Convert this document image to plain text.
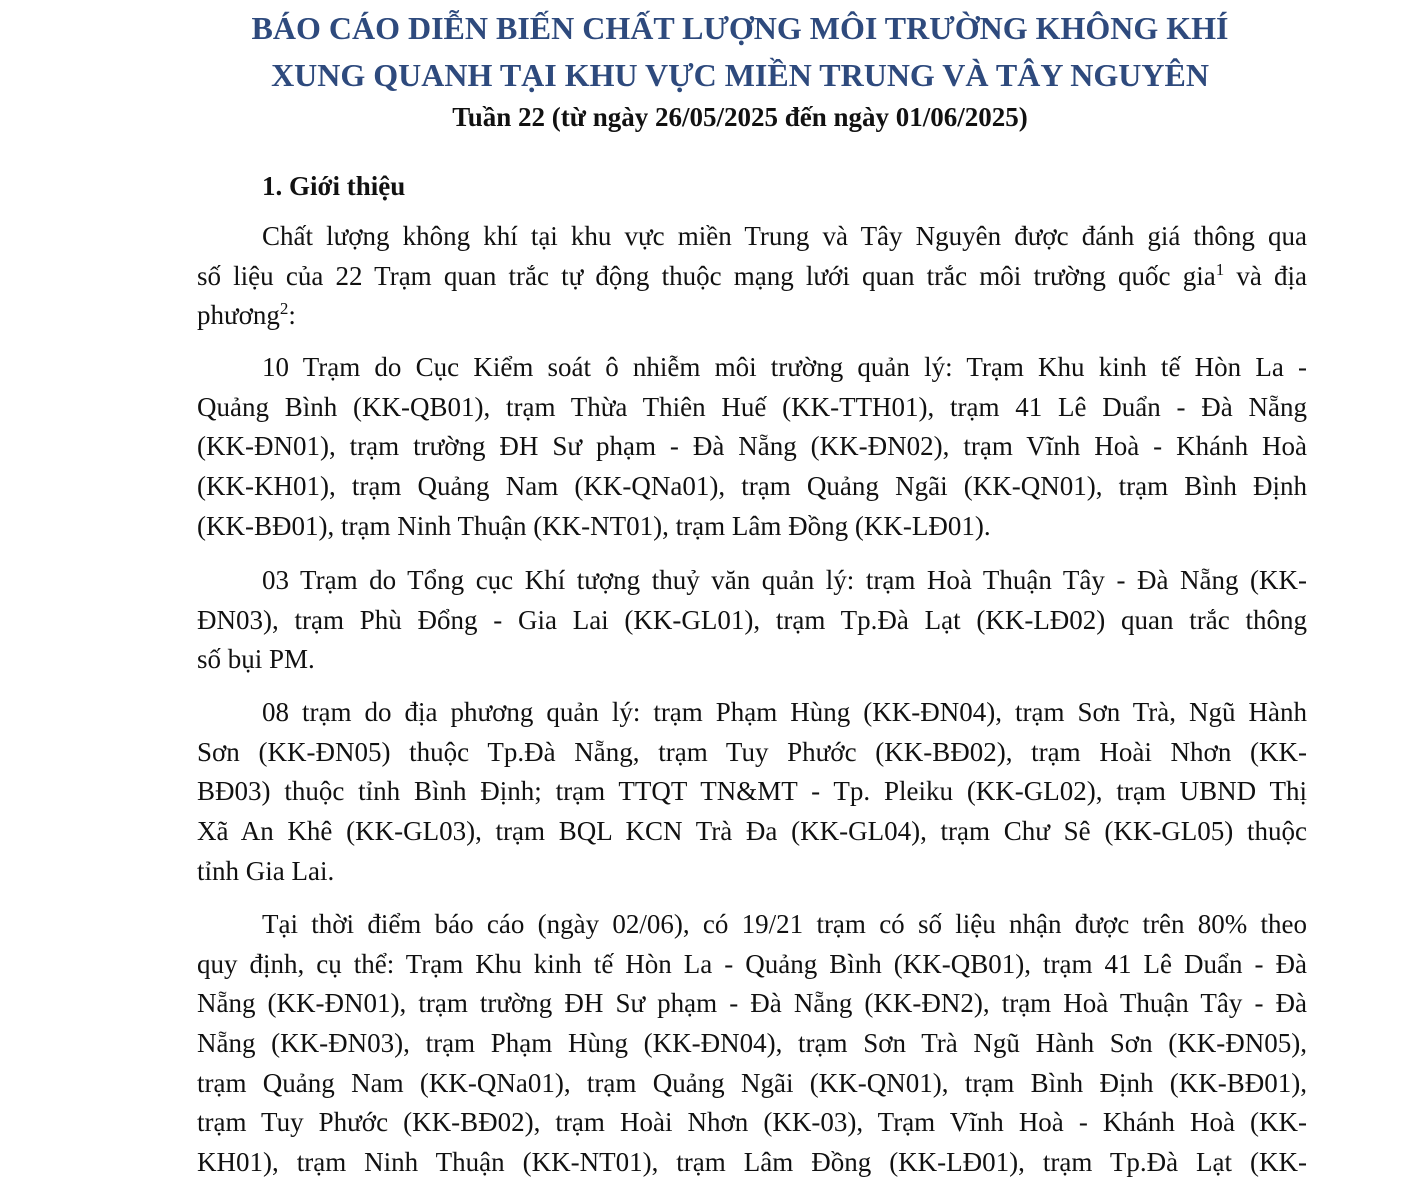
BÁO CÁO DIỄN BIẾN CHẤT LƯỢNG MÔI TRƯỜNG KHÔNG KHÍ
XUNG QUANH TẠI KHU VỰC MIỀN TRUNG VÀ TÂY NGUYÊN
Tuần 22 (từ ngày 26/05/2025 đến ngày 01/06/2025)
1. Giới thiệu
Chất lượng không khí tại khu vực miền Trung và Tây Nguyên được đánh giá thông qua
số liệu của 22 Trạm quan trắc tự động thuộc mạng lưới quan trắc môi trường quốc gia$^1$ và địa
phương$^2$:
10 Trạm do Cục Kiểm soát ô nhiễm môi trường quản lý: Trạm Khu kinh tế Hòn La -
Quảng Bình (KK-QB01), trạm Thừa Thiên Huế (KK-TTH01), trạm 41 Lê Duẩn - Đà Nẵng
(KK-ĐN01), trạm trường ĐH Sư phạm - Đà Nẵng (KK-ĐN02), trạm Vĩnh Hoà - Khánh Hoà
(KK-KH01), trạm Quảng Nam (KK-QNa01), trạm Quảng Ngãi (KK-QN01), trạm Bình Định
(KK-BĐ01), trạm Ninh Thuận (KK-NT01), trạm Lâm Đồng (KK-LĐ01).
03 Trạm do Tổng cục Khí tượng thuỷ văn quản lý: trạm Hoà Thuận Tây - Đà Nẵng (KK-
ĐN03), trạm Phù Đổng - Gia Lai (KK-GL01), trạm Tp.Đà Lạt (KK-LĐ02) quan trắc thông
số bụi PM.
08 trạm do địa phương quản lý: trạm Phạm Hùng (KK-ĐN04), trạm Sơn Trà, Ngũ Hành
Sơn (KK-ĐN05) thuộc Tp.Đà Nẵng, trạm Tuy Phước (KK-BĐ02), trạm Hoài Nhơn (KK-
BĐ03) thuộc tỉnh Bình Định; trạm TTQT TN&MT - Tp. Pleiku (KK-GL02), trạm UBND Thị
Xã An Khê (KK-GL03), trạm BQL KCN Trà Đa (KK-GL04), trạm Chư Sê (KK-GL05) thuộc
tỉnh Gia Lai.
Tại thời điểm báo cáo (ngày 02/06), có 19/21 trạm có số liệu nhận được trên 80% theo
quy định, cụ thể: Trạm Khu kinh tế Hòn La - Quảng Bình (KK-QB01), trạm 41 Lê Duẩn - Đà
Nẵng (KK-ĐN01), trạm trường ĐH Sư phạm - Đà Nẵng (KK-ĐN2), trạm Hoà Thuận Tây - Đà
Nẵng (KK-ĐN03), trạm Phạm Hùng (KK-ĐN04), trạm Sơn Trà Ngũ Hành Sơn (KK-ĐN05),
trạm Quảng Nam (KK-QNa01), trạm Quảng Ngãi (KK-QN01), trạm Bình Định (KK-BĐ01),
trạm Tuy Phước (KK-BĐ02), trạm Hoài Nhơn (KK-03), Trạm Vĩnh Hoà - Khánh Hoà (KK-
KH01), trạm Ninh Thuận (KK-NT01), trạm Lâm Đồng (KK-LĐ01), trạm Tp.Đà Lạt (KK-
